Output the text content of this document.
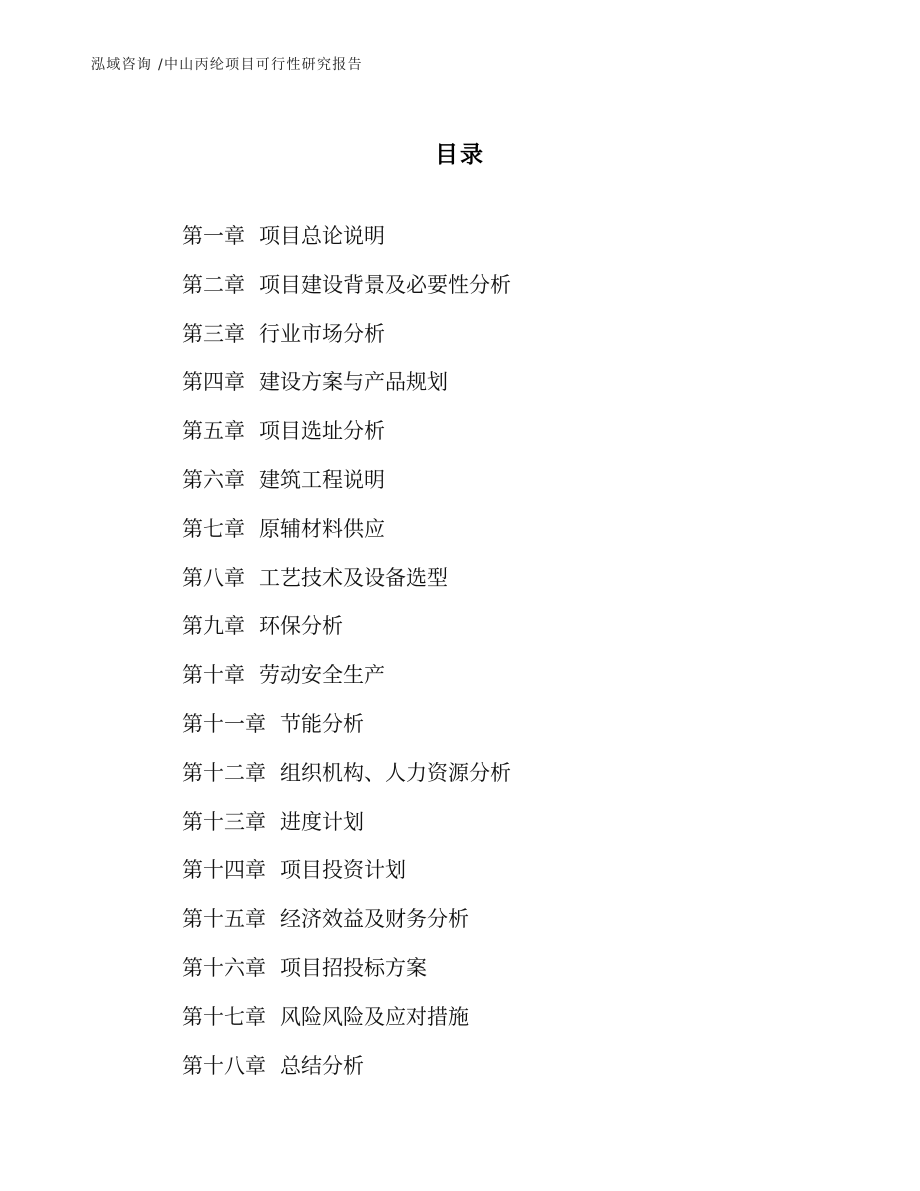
泓域咨询 /中山丙纶项目可行性研究报告
目录
第一章 项目总论说明
第二章 项目建设背景及必要性分析
第三章 行业市场分析
第四章 建设方案与产品规划
第五章 项目选址分析
第六章 建筑工程说明
第七章 原辅材料供应
第八章 工艺技术及设备选型
第九章 环保分析
第十章 劳动安全生产
第十一章 节能分析
第十二章 组织机构、人力资源分析
第十三章 进度计划
第十四章 项目投资计划
第十五章 经济效益及财务分析
第十六章 项目招投标方案
第十七章 风险风险及应对措施
第十八章 总结分析
